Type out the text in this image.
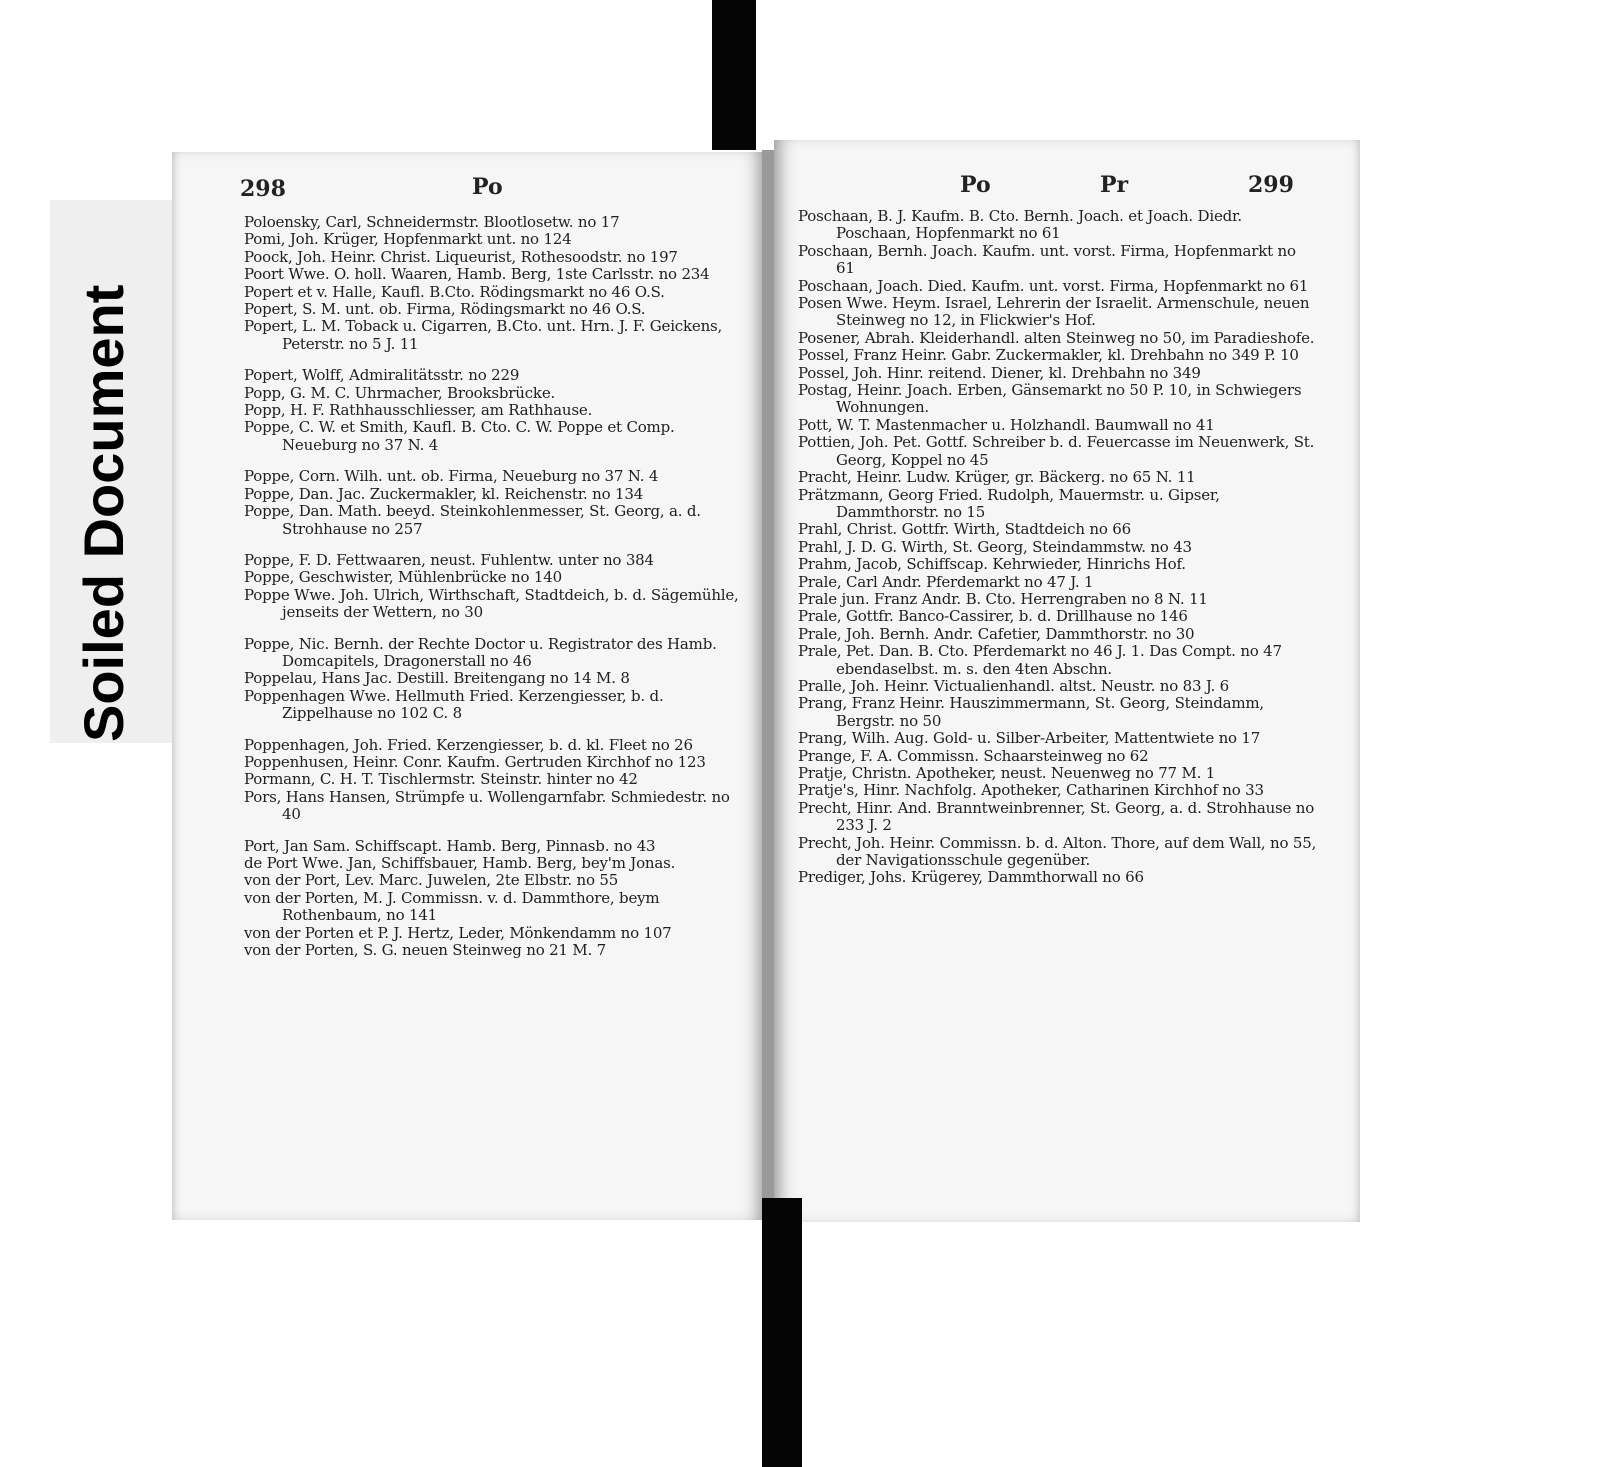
Soiled Document
298	Po
Poloensky, Carl, Schneidermstr. Blootlosetw. no 17
Pomi, Joh. Krüger, Hopfenmarkt unt. no 124
Poock, Joh. Heinr. Christ. Liqueurist, Rothesoodstr. no 197
Poort Wwe. O. holl. Waaren, Hamb. Berg, 1ste Carlsstr. no 234
Popert et v. Halle, Kaufl. B.Cto. Rödingsmarkt no 46 O.S.
Popert, S. M. unt. ob. Firma, Rödingsmarkt no 46 O.S.
Popert, L. M. Toback u. Cigarren, B.Cto. unt. Hrn. J. F. Geickens, Peterstr. no 5 J. 11
Popert, Wolff, Admiralitätsstr. no 229
Popp, G. M. C. Uhrmacher, Brooksbrücke.
Popp, H. F. Rathhausschliesser, am Rathhause.
Poppe, C. W. et Smith, Kaufl. B. Cto. C. W. Poppe et Comp. Neueburg no 37 N. 4
Poppe, Corn. Wilh. unt. ob. Firma, Neueburg no 37 N. 4
Poppe, Dan. Jac. Zuckermakler, kl. Reichenstr. no 134
Poppe, Dan. Math. beeyd. Steinkohlenmesser, St. Georg, a. d. Strohhause no 257
Poppe, F. D. Fettwaaren, neust. Fuhlentw. unter no 384
Poppe, Geschwister, Mühlenbrücke no 140
Poppe Wwe. Joh. Ulrich, Wirthschaft, Stadtdeich, b. d. Sägemühle, jenseits der Wettern, no 30
Poppe, Nic. Bernh. der Rechte Doctor u. Registrator des Hamb. Domcapitels, Dragonerstall no 46
Poppelau, Hans Jac. Destill. Breitengang no 14 M. 8
Poppenhagen Wwe. Hellmuth Fried. Kerzengiesser, b. d. Zippelhause no 102 C. 8
Poppenhagen, Joh. Fried. Kerzengiesser, b. d. kl. Fleet no 26
Poppenhusen, Heinr. Conr. Kaufm. Gertruden Kirchhof no 123
Pormann, C. H. T. Tischlermstr. Steinstr. hinter no 42
Pors, Hans Hansen, Strümpfe u. Wollengarnfabr. Schmiedestr. no 40
Port, Jan Sam. Schiffscapt. Hamb. Berg, Pinnasb. no 43
de Port Wwe. Jan, Schiffsbauer, Hamb. Berg, bey'm Jonas.
von der Port, Lev. Marc. Juwelen, 2te Elbstr. no 55
von der Porten, M. J. Commissn. v. d. Dammthore, beym Rothenbaum, no 141
von der Porten et P. J. Hertz, Leder, Mönkendamm no 107
von der Porten, S. G. neuen Steinweg no 21 M. 7
Po	Pr	299
Poschaan, B. J. Kaufm. B. Cto. Bernh. Joach. et Joach. Diedr. Poschaan, Hopfenmarkt no 61
Poschaan, Bernh. Joach. Kaufm. unt. vorst. Firma, Hopfenmarkt no 61
Poschaan, Joach. Died. Kaufm. unt. vorst. Firma, Hopfenmarkt no 61
Posen Wwe. Heym. Israel, Lehrerin der Israelit. Armenschule, neuen Steinweg no 12, in Flickwier's Hof.
Posener, Abrah. Kleiderhandl. alten Steinweg no 50, im Paradieshofe.
Possel, Franz Heinr. Gabr. Zuckermakler, kl. Drehbahn no 349 P. 10
Possel, Joh. Hinr. reitend. Diener, kl. Drehbahn no 349
Postag, Heinr. Joach. Erben, Gänsemarkt no 50 P. 10, in Schwiegers Wohnungen.
Pott, W. T. Mastenmacher u. Holzhandl. Baumwall no 41
Pottien, Joh. Pet. Gottf. Schreiber b. d. Feuercasse im Neuenwerk, St. Georg, Koppel no 45
Pracht, Heinr. Ludw. Krüger, gr. Bäckerg. no 65 N. 11
Prätzmann, Georg Fried. Rudolph, Mauermstr. u. Gipser, Dammthorstr. no 15
Prahl, Christ. Gottfr. Wirth, Stadtdeich no 66
Prahl, J. D. G. Wirth, St. Georg, Steindammstw. no 43
Prahm, Jacob, Schiffscap. Kehrwieder, Hinrichs Hof.
Prale, Carl Andr. Pferdemarkt no 47 J. 1
Prale jun. Franz Andr. B. Cto. Herrengraben no 8 N. 11
Prale, Gottfr. Banco-Cassirer, b. d. Drillhause no 146
Prale, Joh. Bernh. Andr. Cafetier, Dammthorstr. no 30
Prale, Pet. Dan. B. Cto. Pferdemarkt no 46 J. 1. Das Compt. no 47 ebendaselbst. m. s. den 4ten Abschn.
Pralle, Joh. Heinr. Victualienhandl. altst. Neustr. no 83 J. 6
Prang, Franz Heinr. Hauszimmermann, St. Georg, Steindamm, Bergstr. no 50
Prang, Wilh. Aug. Gold- u. Silber-Arbeiter, Mattentwiete no 17
Prange, F. A. Commissn. Schaarsteinweg no 62
Pratje, Christn. Apotheker, neust. Neuenweg no 77 M. 1
Pratje's, Hinr. Nachfolg. Apotheker, Catharinen Kirchhof no 33
Precht, Hinr. And. Branntweinbrenner, St. Georg, a. d. Strohhause no 233 J. 2
Precht, Joh. Heinr. Commissn. b. d. Alton. Thore, auf dem Wall, no 55, der Navigationsschule gegenüber.
Prediger, Johs. Krügerey, Dammthorwall no 66
